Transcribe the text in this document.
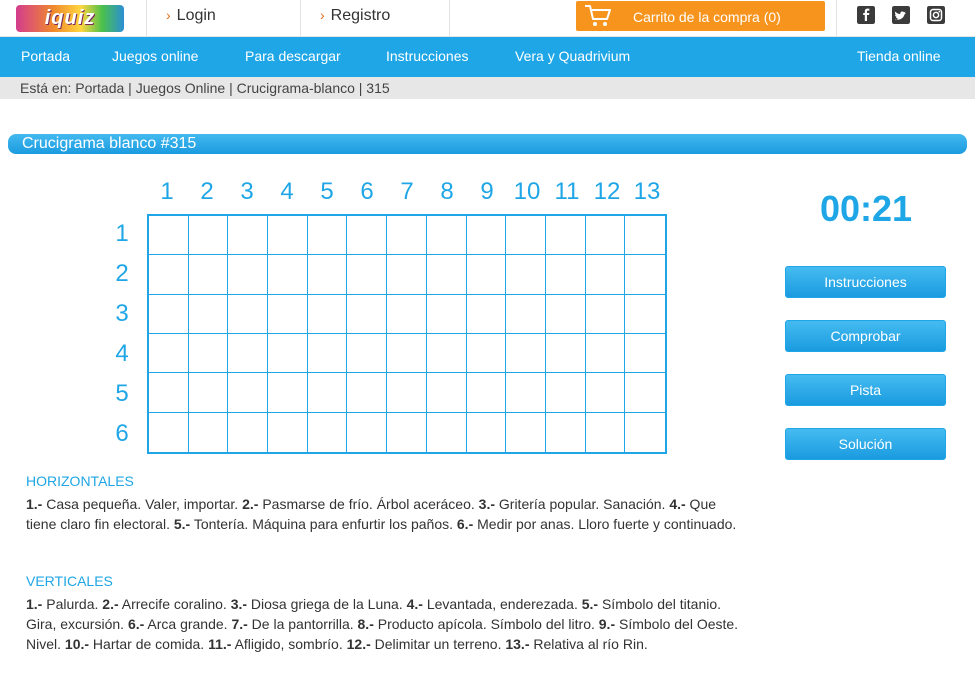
iquiz	› Login	› Registro	Carrito de la compra (0)
Portada	Juegos online	Para descargar	Instrucciones	Vera y Quadrivium	Tienda online
Está en: Portada | Juegos Online | Crucigrama-blanco | 315
Crucigrama blanco #315
1	2	3	4	5	6	7	8	9 10 11 12 13
1
2
3
4
5
6
00:21
Instrucciones
Comprobar
Pista
Solución
HORIZONTALES
1.- Casa pequeña. Valer, importar. 2.- Pasmarse de frío. Árbol aceráceo. 3.- Gritería popular. Sanación. 4.- Que tiene claro fin electoral. 5.- Tontería. Máquina para enfurtir los paños. 6.- Medir por anas. Lloro fuerte y continuado.
VERTICALES
1.- Palurda. 2.- Arrecife coralino. 3.- Diosa griega de la Luna. 4.- Levantada, enderezada. 5.- Símbolo del titanio. Gira, excursión. 6.- Arca grande. 7.- De la pantorrilla. 8.- Producto apícola. Símbolo del litro. 9.- Símbolo del Oeste. Nivel. 10.- Hartar de comida. 11.- Afligido, sombrío. 12.- Delimitar un terreno. 13.- Relativa al río Rin.
